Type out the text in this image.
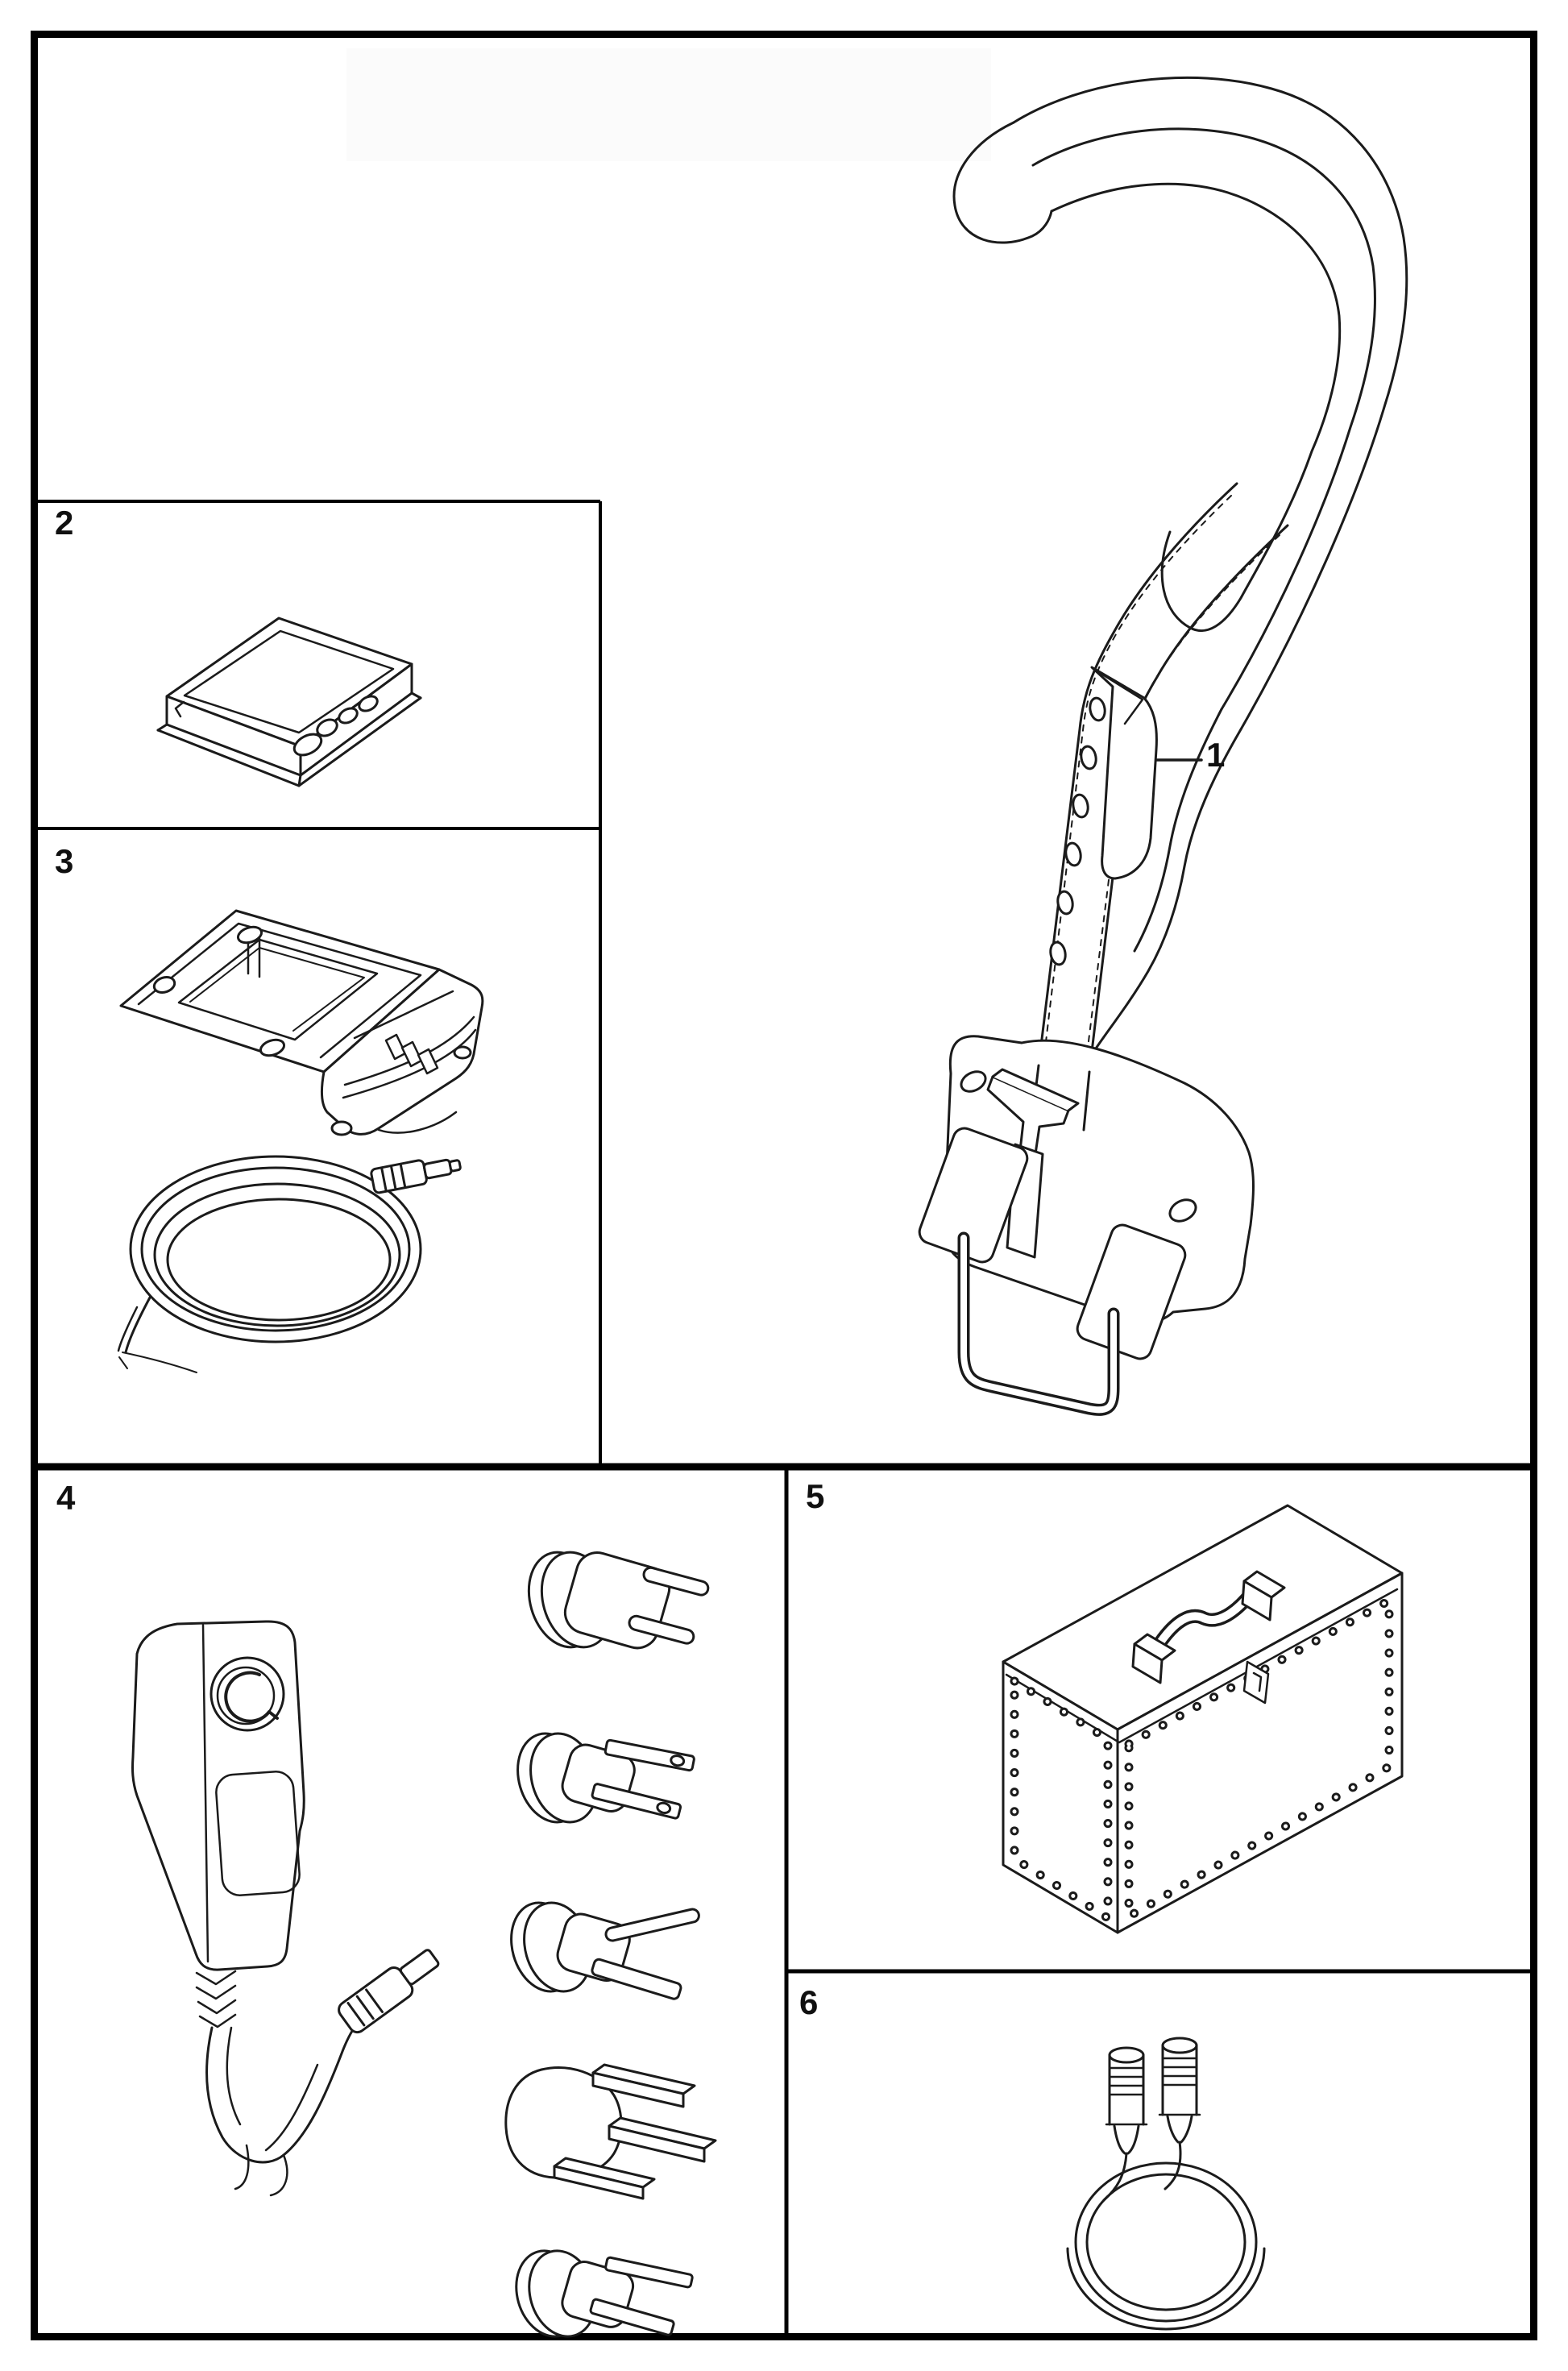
1
2
3
4	5
6
